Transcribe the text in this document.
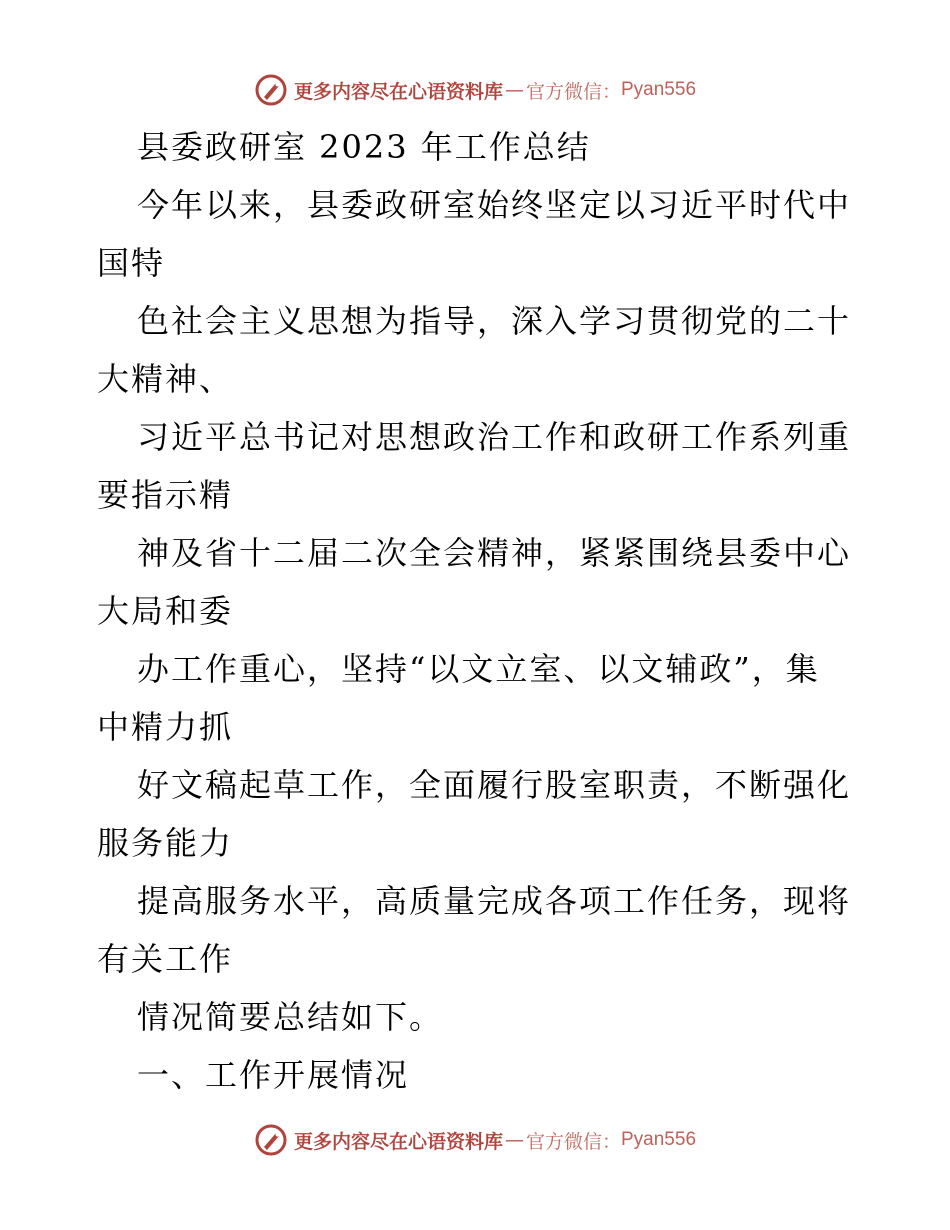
更多内容尽在心语资料库 — 官方微信： Pyan556
县委政研室 2023 年工作总结
今年以来，县委政研室始终坚定以习近平时代中
国特
色社会主义思想为指导，深入学习贯彻党的二十
大精神、
习近平总书记对思想政治工作和政研工作系列重
要指示精
神及省十二届二次全会精神，紧紧围绕县委中心
大局和委
办工作重心，坚持“以文立室、以文辅政”，集
中精力抓
好文稿起草工作，全面履行股室职责，不断强化
服务能力
提高服务水平，高质量完成各项工作任务，现将
有关工作
情况简要总结如下。
一、工作开展情况
更多内容尽在心语资料库 — 官方微信： Pyan556
